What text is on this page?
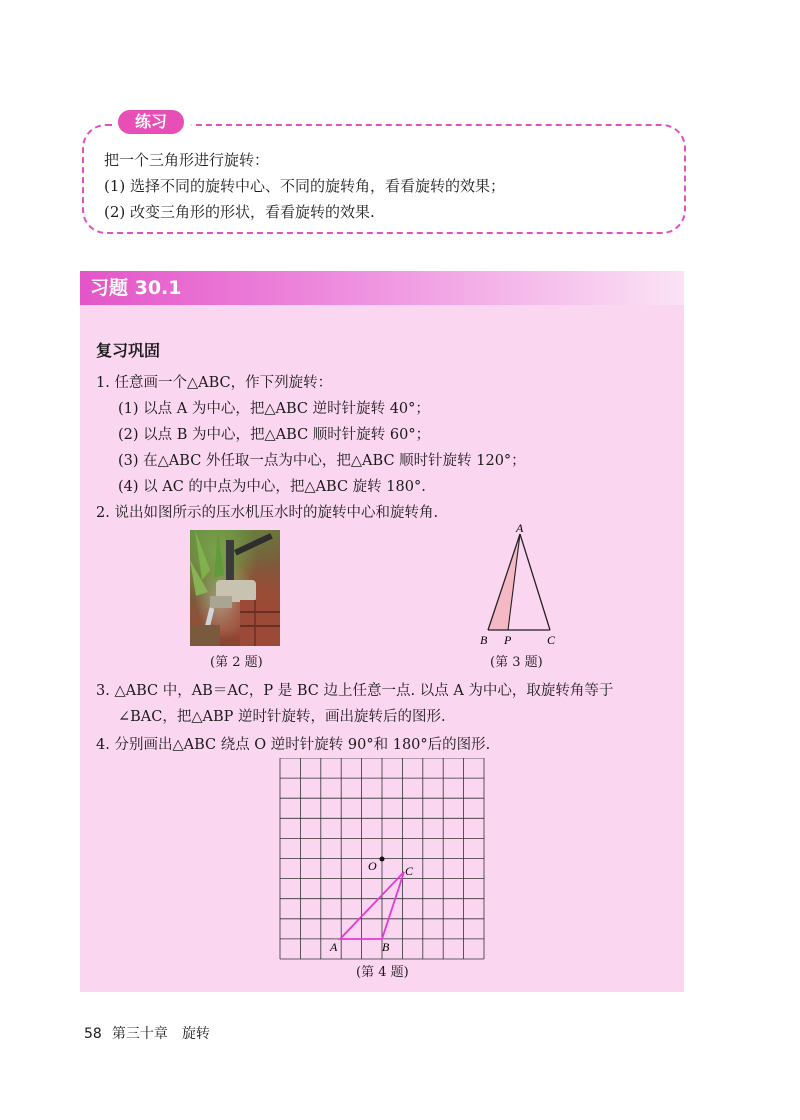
练习
把一个三角形进行旋转：
(1) 选择不同的旋转中心、不同的旋转角，看看旋转的效果；
(2) 改变三角形的形状，看看旋转的效果.
习题 30.1
复习巩固
1. 任意画一个△ABC，作下列旋转：
(1) 以点 A 为中心，把△ABC 逆时针旋转 40°；
(2) 以点 B 为中心，把△ABC 顺时针旋转 60°；
(3) 在△ABC 外任取一点为中心，把△ABC 顺时针旋转 120°；
(4) 以 AC 的中点为中心，把△ABC 旋转 180°.
2. 说出如图所示的压水机压水时的旋转中心和旋转角.
(第 2 题)
A
B P	C
(第 3 题)
3. △ABC 中，AB＝AC，P 是 BC 边上任意一点. 以点 A 为中心，取旋转角等于
∠BAC，把△ABP 逆时针旋转，画出旋转后的图形.
4. 分别画出△ABC 绕点 O 逆时针旋转 90°和 180°后的图形.
O
A	B
C
(第 4 题)
58 第三十章 旋转
